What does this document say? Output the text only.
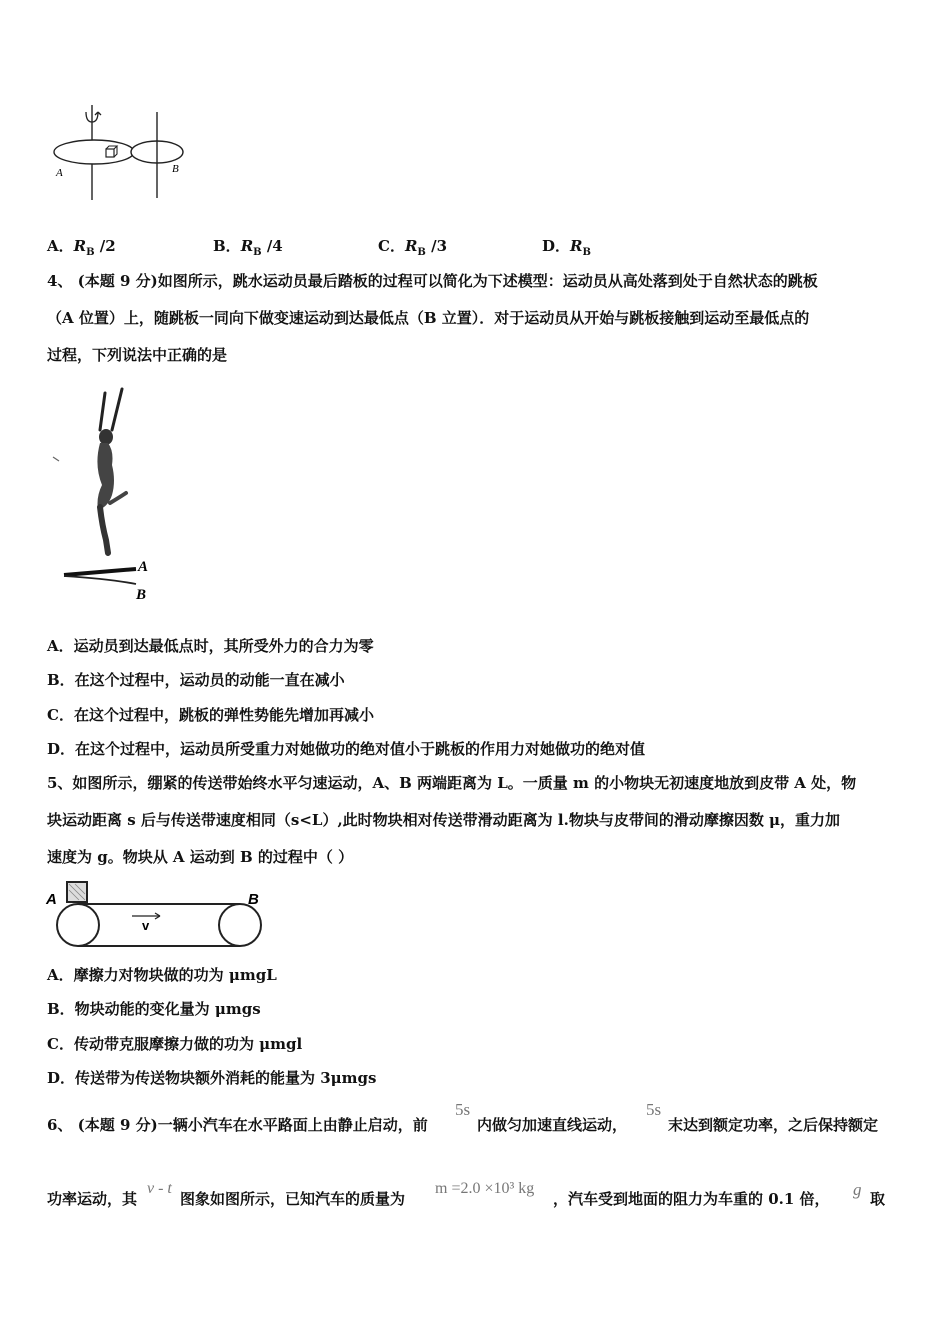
A	B
A．$R_B$ /2	B．$R_B$ /4	C．$R_B$ /3	D．$R_B$
4、 (本题 9 分)如图所示，跳水运动员最后踏板的过程可以简化为下述模型：运动员从高处落到处于自然状态的跳板
（A 位置）上，随跳板一同向下做变速运动到达最低点（B 立置）．对于运动员从开始与跳板接触到运动至最低点的
过程，下列说法中正确的是
A
B
A．运动员到达最低点时，其所受外力的合力为零
B．在这个过程中，运动员的动能一直在减小
C．在这个过程中，跳板的弹性势能先增加再减小
D．在这个过程中，运动员所受重力对她做功的绝对值小于跳板的作用力对她做功的绝对值
5、如图所示，绷紧的传送带始终水平匀速运动，A、B 两端距离为 L。一质量 m 的小物块无初速度地放到皮带 A 处，物
块运动距离 s 后与传送带速度相同（s<L）,此时物块相对传送带滑动距离为 l.物块与皮带间的滑动摩擦因数 μ，重力加
速度为 g。物块从 A 运动到 B 的过程中（ ）
v
A	B
A．摩擦力对物块做的功为 μmgL
B．物块动能的变化量为 μmgs
C．传动带克服摩擦力做的功为 μmgl
D．传送带为传送物块额外消耗的能量为 3μmgs
6、 (本题 9 分)一辆小汽车在水平路面上由静止启动，前
5s
内做匀加速直线运动，
5s
末达到额定功率，之后保持额定
功率运动，其
v - t
图象如图所示，已知汽车的质量为
m =2.0 ×10³ kg
，汽车受到地面的阻力为车重的 0.1 倍， g 取
